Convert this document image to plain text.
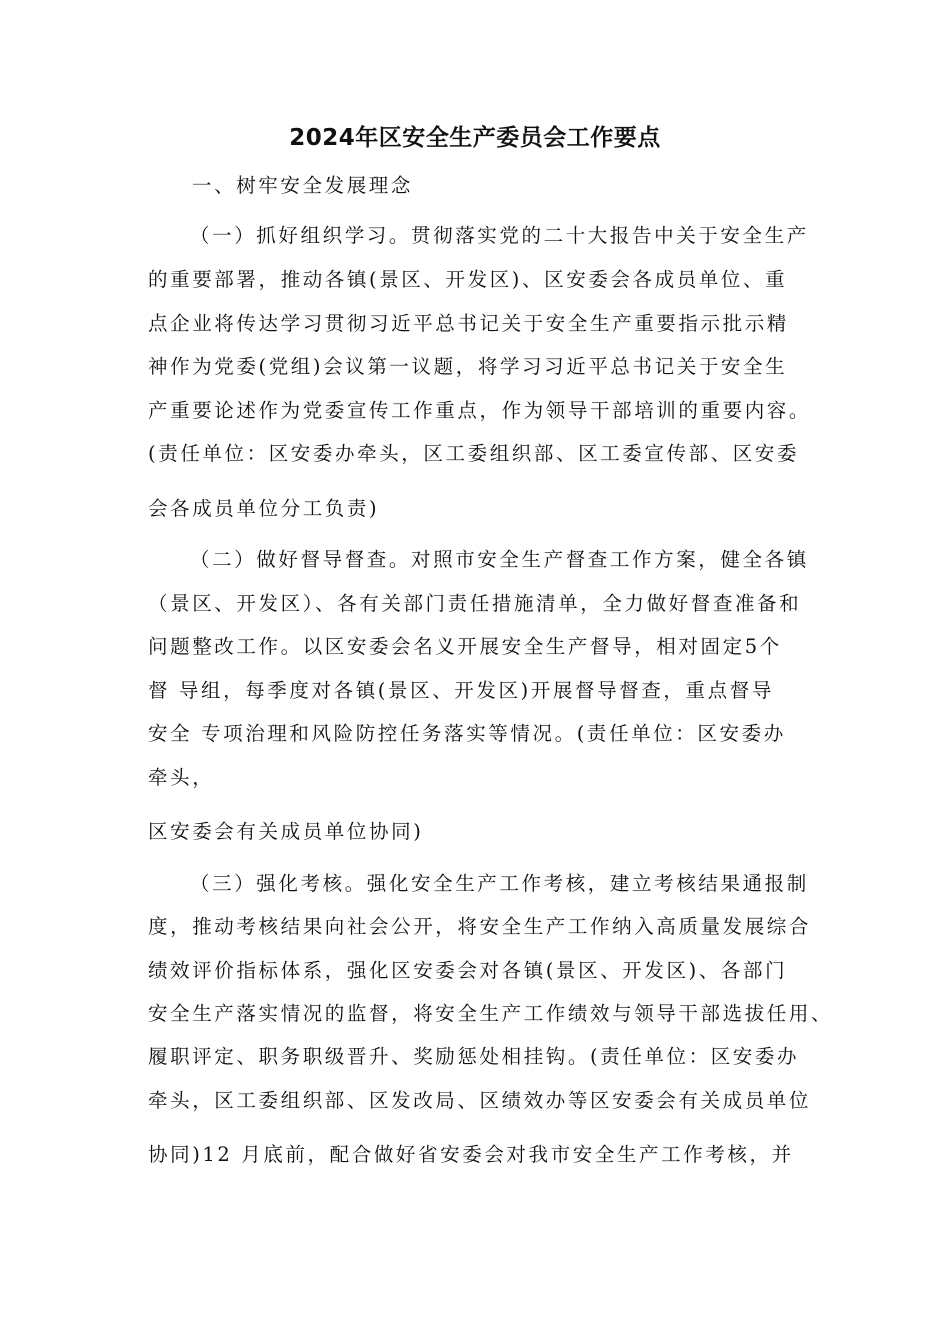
2024年区安全生产委员会工作要点
一、树牢安全发展理念
（一）抓好组织学习。贯彻落实党的二十大报告中关于安全生产
的重要部署，推动各镇(景区、开发区)、区安委会各成员单位、重
点企业将传达学习贯彻习近平总书记关于安全生产重要指示批示精
神作为党委(党组)会议第一议题，将学习习近平总书记关于安全生
产重要论述作为党委宣传工作重点，作为领导干部培训的重要内容。
(责任单位：区安委办牵头，区工委组织部、区工委宣传部、区安委
会各成员单位分工负责)
（二）做好督导督查。对照市安全生产督查工作方案，健全各镇
（景区、开发区）、各有关部门责任措施清单，全力做好督查准备和
问题整改工作。以区安委会名义开展安全生产督导，相对固定5个
督 导组，每季度对各镇(景区、开发区)开展督导督查，重点督导
安全 专项治理和风险防控任务落实等情况。(责任单位：区安委办
牵头，
区安委会有关成员单位协同)
（三）强化考核。强化安全生产工作考核，建立考核结果通报制
度，推动考核结果向社会公开，将安全生产工作纳入高质量发展综合
绩效评价指标体系，强化区安委会对各镇(景区、开发区)、各部门
安全生产落实情况的监督，将安全生产工作绩效与领导干部选拔任用、
履职评定、职务职级晋升、奖励惩处相挂钩。(责任单位：区安委办
牵头，区工委组织部、区发改局、区绩效办等区安委会有关成员单位
协同)12 月底前，配合做好省安委会对我市安全生产工作考核，并
